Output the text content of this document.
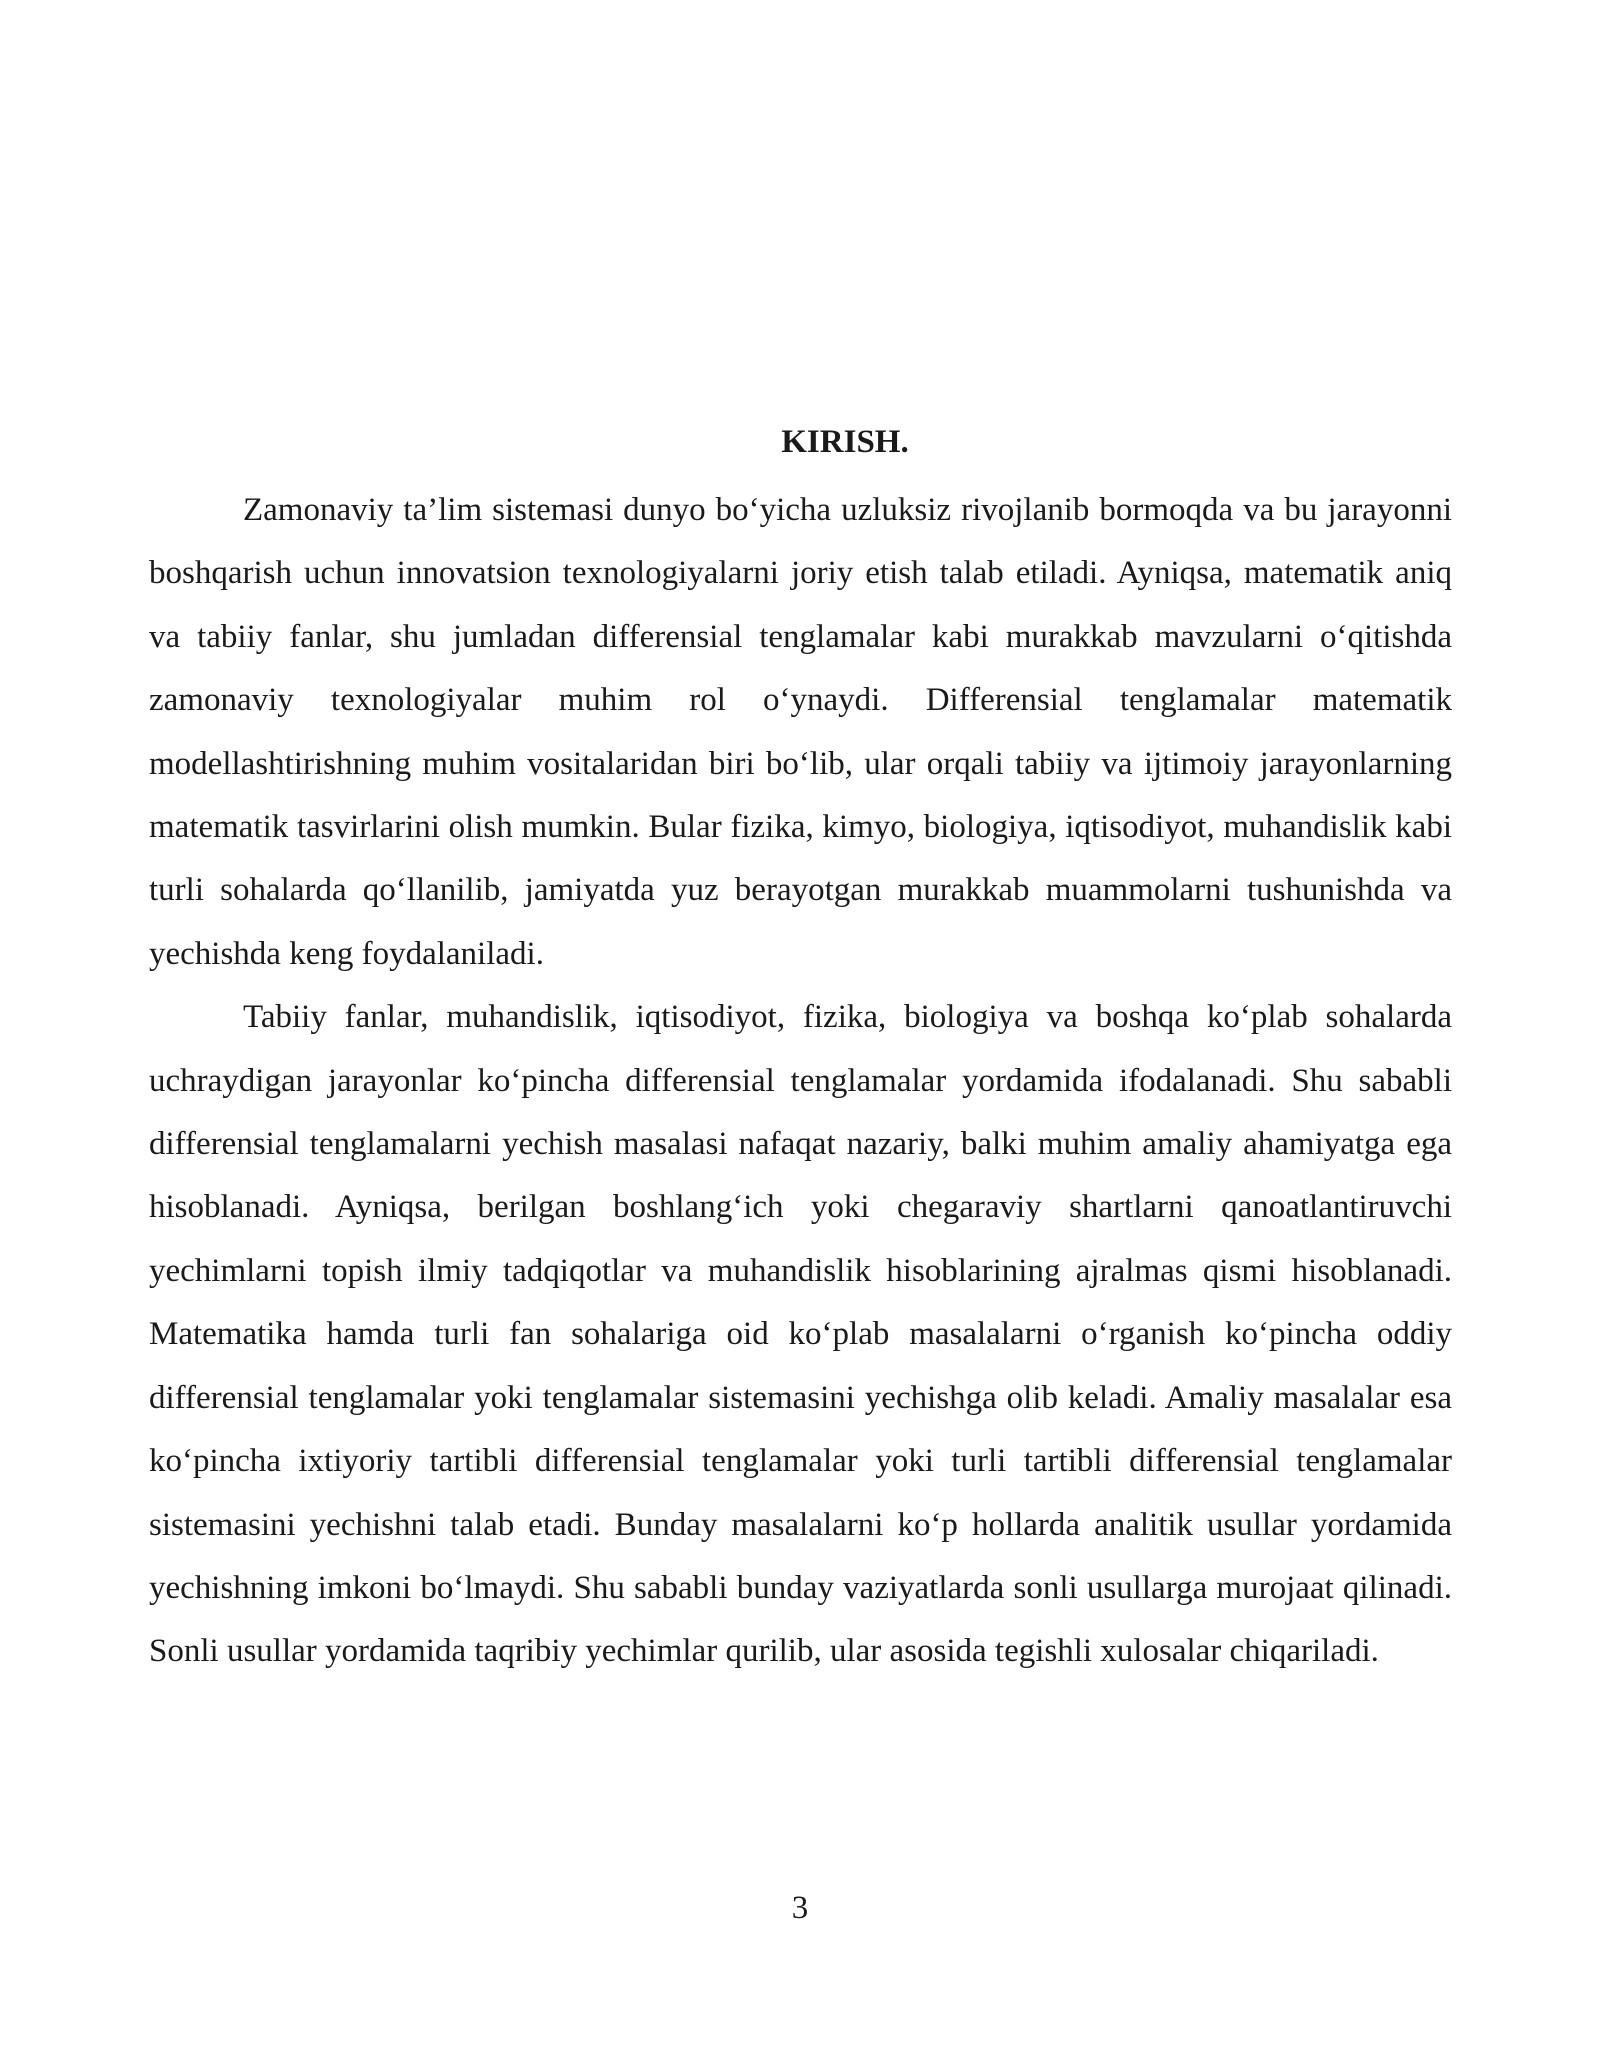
KIRISH.

Zamonaviy ta’lim sistemasi dunyo bo‘yicha uzluksiz rivojlanib bormoqda va bu jarayonni boshqarish uchun innovatsion texnologiyalarni joriy etish talab etiladi. Ayniqsa, matematik aniq va tabiiy fanlar, shu jumladan differensial tenglamalar kabi murakkab mavzularni o‘qitishda zamonaviy texnologiyalar muhim rol o‘ynaydi. Differensial tenglamalar matematik modellashtirishning muhim vositalaridan biri bo‘lib, ular orqali tabiiy va ijtimoiy jarayonlarning matematik tasvirlarini olish mumkin. Bular fizika, kimyo, biologiya, iqtisodiyot, muhandislik kabi turli sohalarda qo‘llanilib, jamiyatda yuz berayotgan murakkab muammolarni tushunishda va yechishda keng foydalaniladi.

Tabiiy fanlar, muhandislik, iqtisodiyot, fizika, biologiya va boshqa ko‘plab sohalarda uchraydigan jarayonlar ko‘pincha differensial tenglamalar yordamida ifodalanadi. Shu sababli differensial tenglamalarni yechish masalasi nafaqat nazariy, balki muhim amaliy ahamiyatga ega hisoblanadi. Ayniqsa, berilgan boshlang‘ich yoki chegaraviy shartlarni qanoatlantiruvchi yechimlarni topish ilmiy tadqiqotlar va muhandislik hisoblarining ajralmas qismi hisoblanadi. Matematika hamda turli fan sohalariga oid ko‘plab masalalarni o‘rganish ko‘pincha oddiy differensial tenglamalar yoki tenglamalar sistemasini yechishga olib keladi. Amaliy masalalar esa ko‘pincha ixtiyoriy tartibli differensial tenglamalar yoki turli tartibli differensial tenglamalar sistemasini yechishni talab etadi. Bunday masalalarni ko‘p hollarda analitik usullar yordamida yechishning imkoni bo‘lmaydi. Shu sababli bunday vaziyatlarda sonli usullarga murojaat qilinadi. Sonli usullar yordamida taqribiy yechimlar qurilib, ular asosida tegishli xulosalar chiqariladi.

3
